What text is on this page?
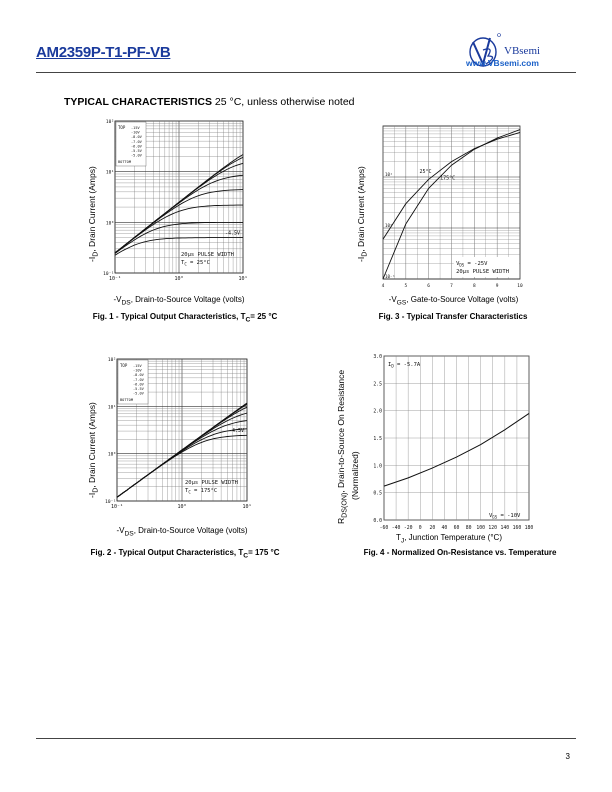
AM2359P-T1-PF-VB	VBsemi
www.VBsemi.com
TYPICAL CHARACTERISTICS 25 °C, unless otherwise noted
TOP -15V
-10V
-8.0V
-7.0V
-6.0V
-5.5V
-5.0V
BOTTOM
-4.5V
20μs PULSE WIDTH
$T_C = 25^\circ C$
10⁻¹	10⁰	10¹
10²
10¹
10⁰
10⁻¹
$-I_D$, Drain Current (Amps)
$-V_{DS}$, Drain-to-Source Voltage (volts)
Fig. 1 - Typical Output Characteristics, $T_C= 25$ °C
25°C
175°C
$V_{DS} = -25V$
20μs PULSE WIDTH
4	5	6	7	8	9	10
10¹
10⁰
10⁻¹
$-I_D$, Drain Current (Amps)
$-V_{GS}$, Gate-to-Source Voltage (volts)
Fig. 3 - Typical Transfer Characteristics
TOP -15V
-10V
-8.0V
-7.0V
-6.0V
-5.5V
-5.0V
BOTTOM
-4.5V
20μs PULSE WIDTH
$T_C = 175^\circ C$
10⁻¹	10⁰	10¹
10²
10¹
10⁰
10⁻¹
$-I_D$, Drain Current (Amps)
$-V_{DS}$, Drain-to-Source Voltage (volts)
Fig. 2 - Typical Output Characteristics, $T_C= 175$ °C
$I_D = -5.7A$
$V_{GS} = -10V$
-60 -40 -20 0 20 40 60 80 100 120 140 160 180
3.0
2.5
2.0
1.5
1.0
0.5
0.0
$R_{DS(ON)}$, Drain-to-Source On Resistance (Normalized)
$T_J$, Junction Temperature (°C)
Fig. 4 - Normalized On-Resistance vs. Temperature
3
